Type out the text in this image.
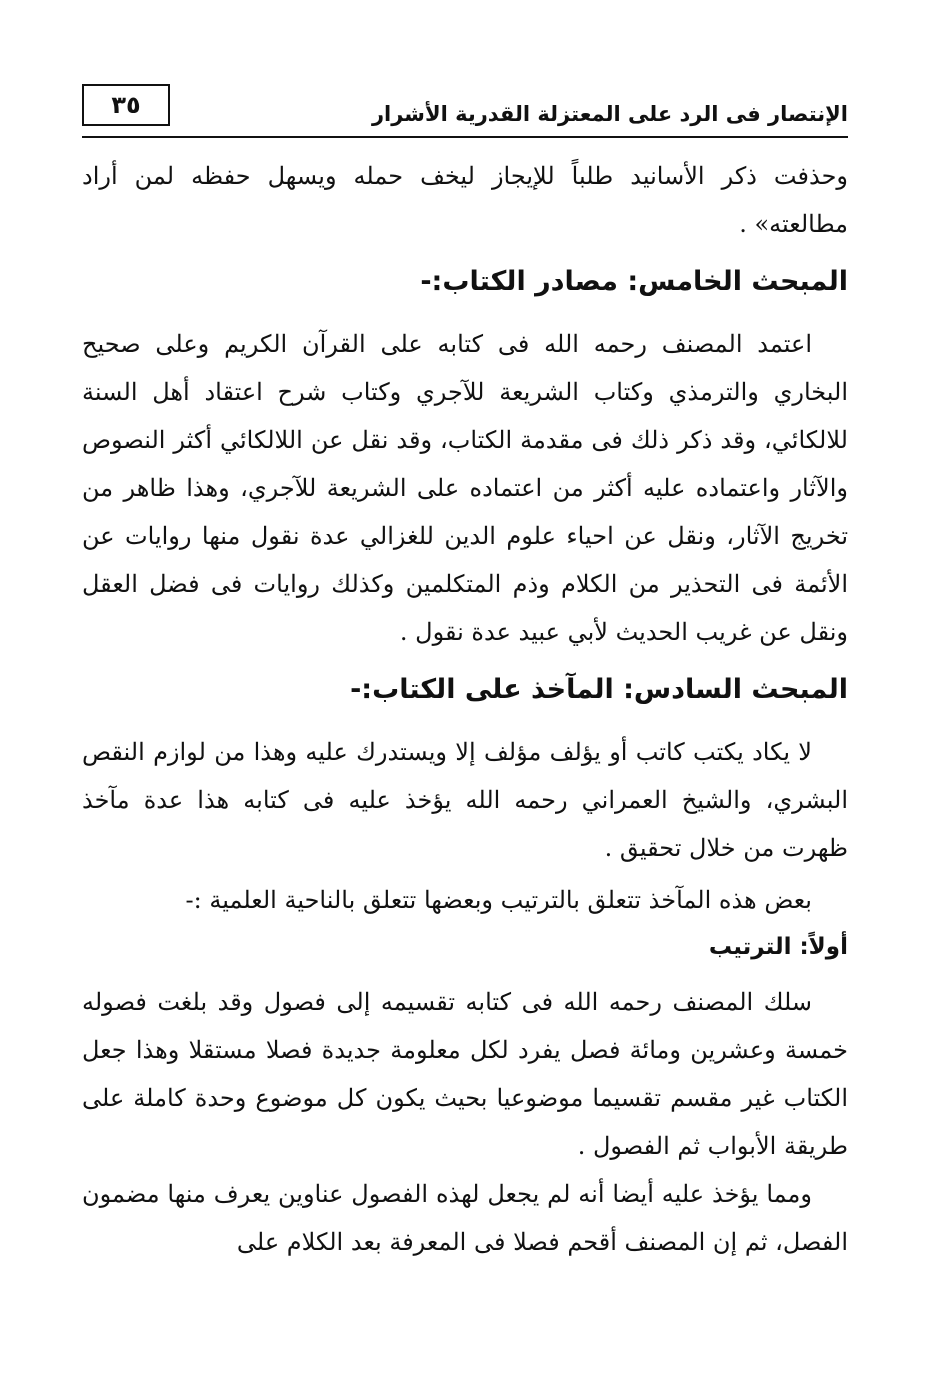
الإنتصار فى الرد على المعتزلة القدرية الأشرار
٣٥

وحذفت ذكر الأسانيد طلباً للإيجاز ليخف حمله ويسهل حفظه لمن أراد مطالعته» .

المبحث الخامس: مصادر الكتاب:-

اعتمد المصنف رحمه الله فى كتابه على القرآن الكريم وعلى صحيح البخاري والترمذي وكتاب الشريعة للآجري وكتاب شرح اعتقاد أهل السنة للالكائي، وقد ذكر ذلك فى مقدمة الكتاب، وقد نقل عن اللالكائي أكثر النصوص والآثار واعتماده عليه أكثر من اعتماده على الشريعة للآجري، وهذا ظاهر من تخريج الآثار، ونقل عن احياء علوم الدين للغزالي عدة نقول منها روايات عن الأئمة فى التحذير من الكلام وذم المتكلمين وكذلك روايات فى فضل العقل ونقل عن غريب الحديث لأبي عبيد عدة نقول .

المبحث السادس: المآخذ على الكتاب:-

لا يكاد يكتب كاتب أو يؤلف مؤلف إلا ويستدرك عليه وهذا من لوازم النقص البشري، والشيخ العمراني رحمه الله يؤخذ عليه فى كتابه هذا عدة مآخذ ظهرت من خلال تحقيق .

بعض هذه المآخذ تتعلق بالترتيب وبعضها تتعلق بالناحية العلمية :-

أولاً: الترتيب

سلك المصنف رحمه الله فى كتابه تقسيمه إلى فصول وقد بلغت فصوله خمسة وعشرين ومائة فصل يفرد لكل معلومة جديدة فصلا مستقلا وهذا جعل الكتاب غير مقسم تقسيما موضوعيا بحيث يكون كل موضوع وحدة كاملة على طريقة الأبواب ثم الفصول .

ومما يؤخذ عليه أيضا أنه لم يجعل لهذه الفصول عناوين يعرف منها مضمون الفصل، ثم إن المصنف أقحم فصلا فى المعرفة بعد الكلام على
